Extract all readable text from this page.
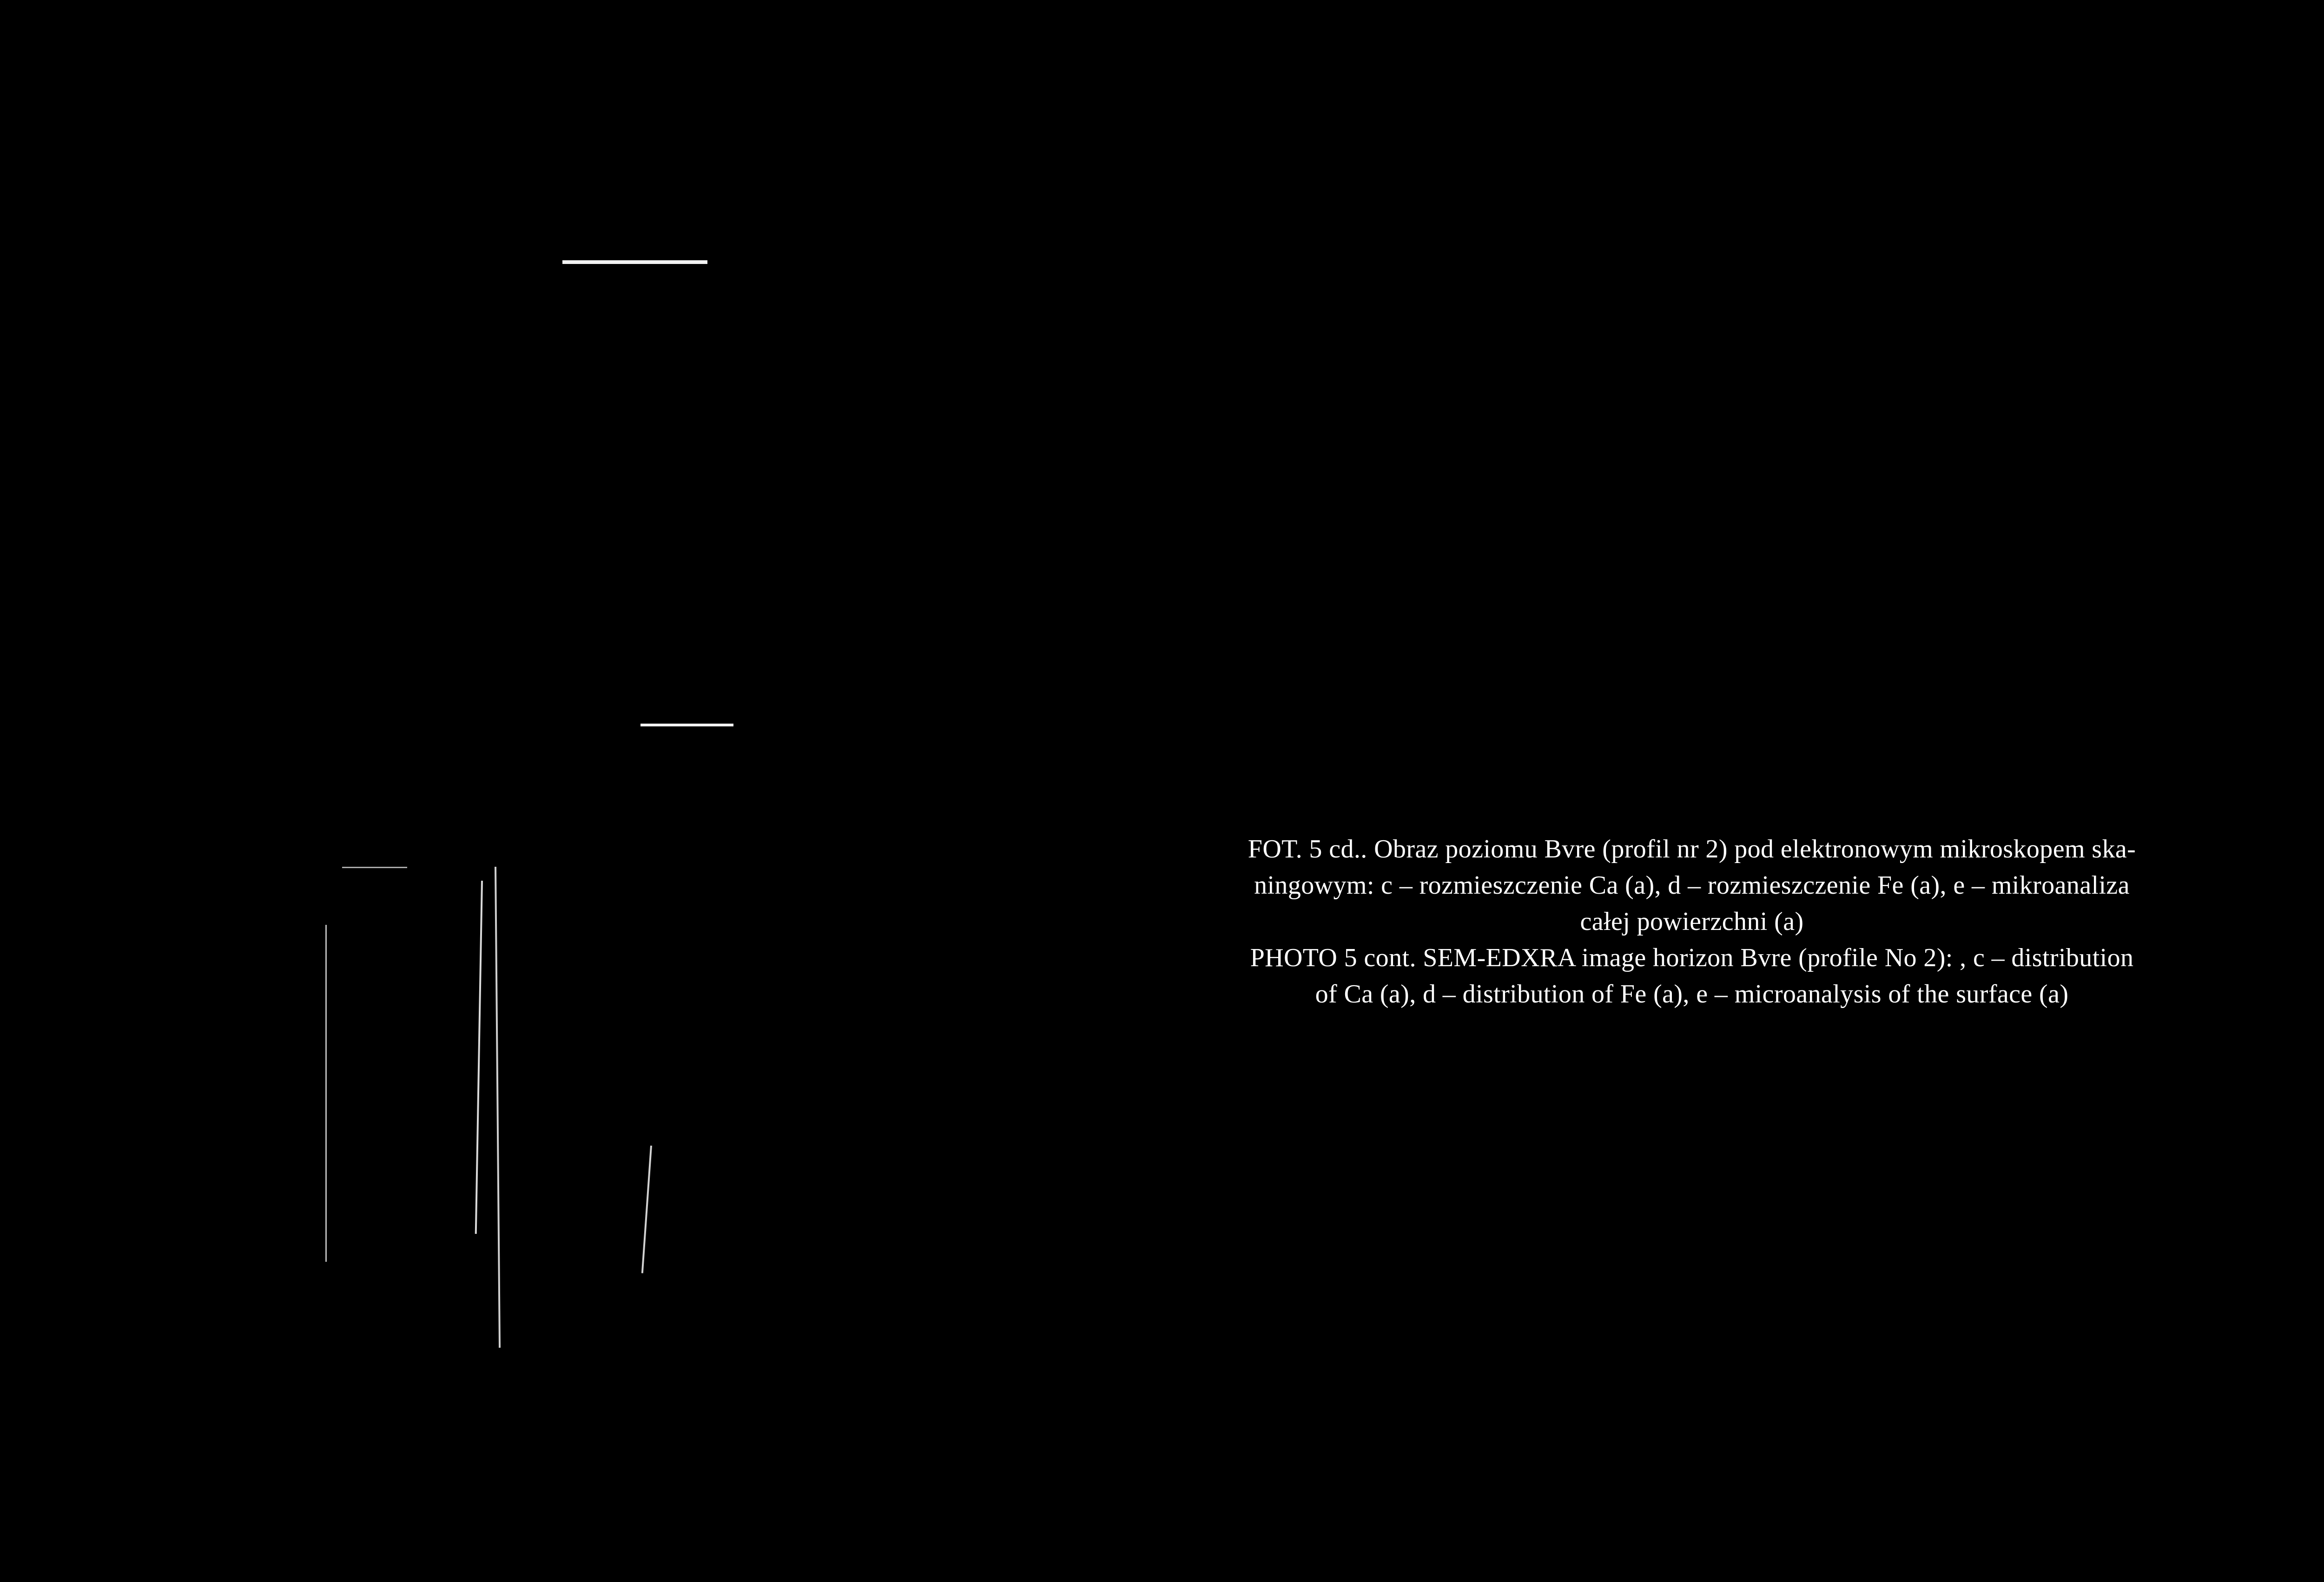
FOT. 5 cd.. Obraz poziomu Bvre (profil nr 2) pod elektronowym mikroskopem ska-

ningowym: c – rozmieszczenie Ca (a), d – rozmieszczenie Fe (a), e – mikroanaliza

całej powierzchni (a)

PHOTO 5 cont. SEM-EDXRA image horizon Bvre (profile No 2): , c – distribution

of Ca (a), d – distribution of Fe (a), e – microanalysis of the surface (a)
